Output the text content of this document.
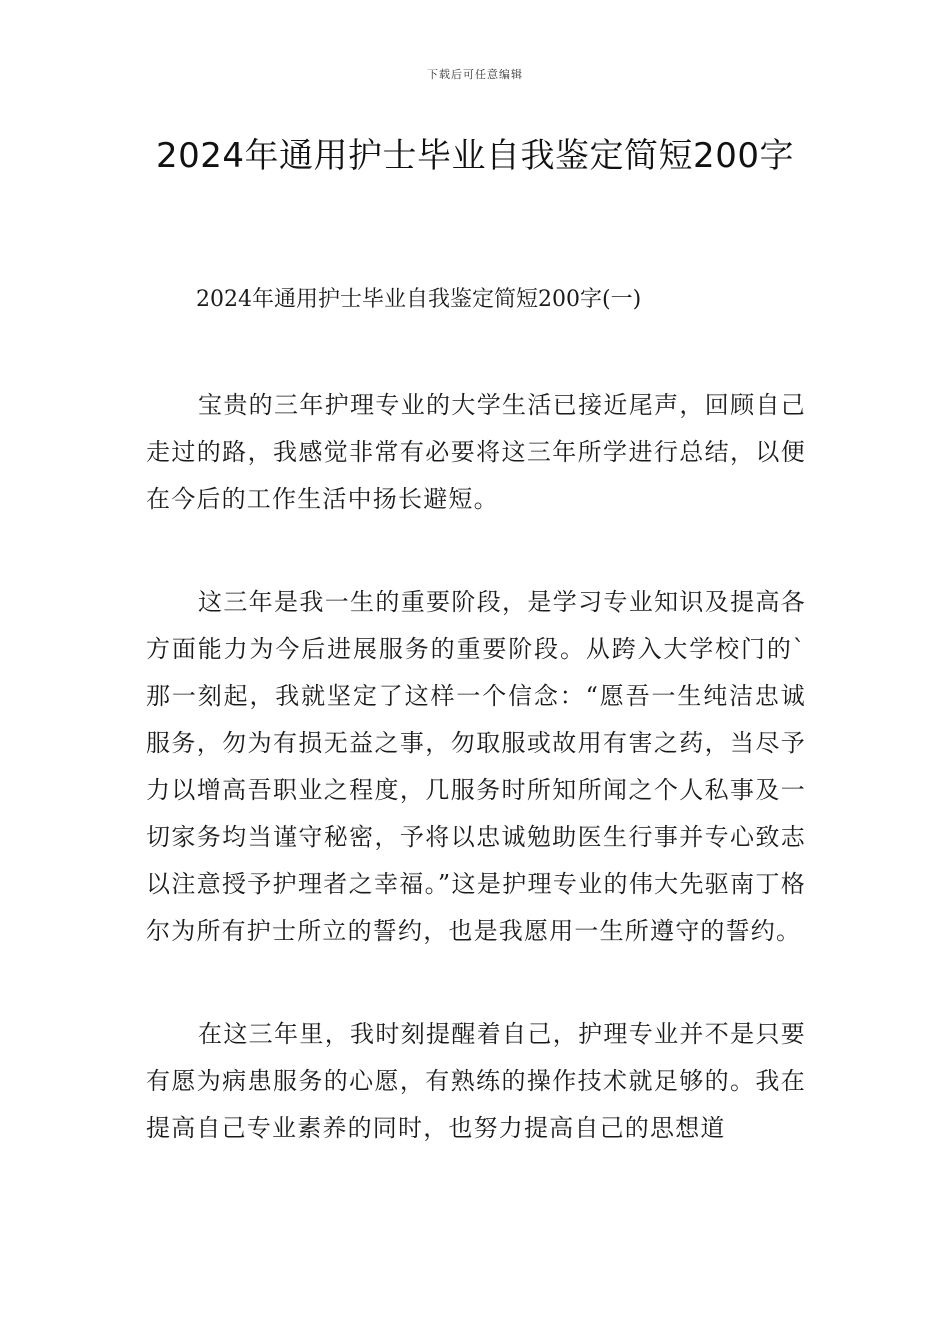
下载后可任意编辑
2024年通用护士毕业自我鉴定简短200字

2024年通用护士毕业自我鉴定简短200字(一)

宝贵的三年护理专业的大学生活已接近尾声，回顾自己走过的路，我感觉非常有必要将这三年所学进行总结，以便在今后的工作生活中扬长避短。

这三年是我一生的重要阶段，是学习专业知识及提高各方面能力为今后进展服务的重要阶段。从跨入大学校门的`那一刻起，我就坚定了这样一个信念：“愿吾一生纯洁忠诚服务，勿为有损无益之事，勿取服或故用有害之药，当尽予力以增高吾职业之程度，几服务时所知所闻之个人私事及一切家务均当谨守秘密，予将以忠诚勉助医生行事并专心致志以注意授予护理者之幸福。”这是护理专业的伟大先驱南丁格尔为所有护士所立的誓约，也是我愿用一生所遵守的誓约。

在这三年里，我时刻提醒着自己，护理专业并不是只要有愿为病患服务的心愿，有熟练的操作技术就足够的。我在提高自己专业素养的同时，也努力提高自己的思想道
